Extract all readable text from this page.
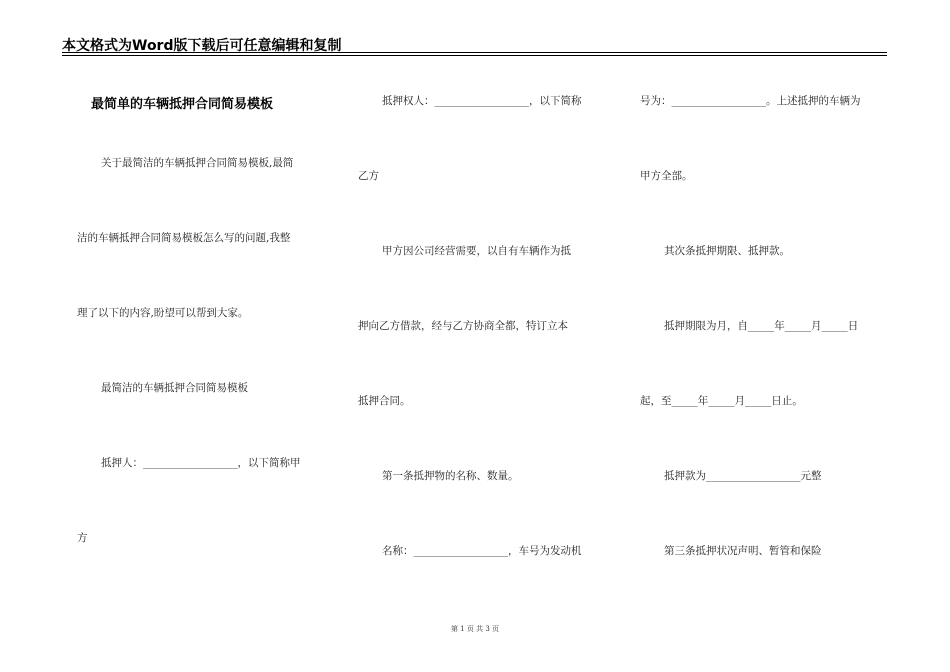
本文格式为Word版下载后可任意编辑和复制
最简单的车辆抵押合同简易模板
关于最简洁的车辆抵押合同简易模板,最简
洁的车辆抵押合同简易模板怎么写的问题,我整
理了以下的内容,盼望可以帮到大家。
最简洁的车辆抵押合同简易模板
抵押人：__________________，以下简称甲
方
抵押权人：__________________，以下简称
乙方
甲方因公司经营需要，以自有车辆作为抵
押向乙方借款，经与乙方协商全都，特订立本
抵押合同。
第一条抵押物的名称、数量。
名称：__________________，车号为发动机
号为：__________________。上述抵押的车辆为
甲方全部。
其次条抵押期限、抵押款。
抵押期限为月，自_____年_____月_____日
起，至_____年_____月_____日止。
抵押款为__________________元整
第三条抵押状况声明、暂管和保险
第 1 页 共 3 页
